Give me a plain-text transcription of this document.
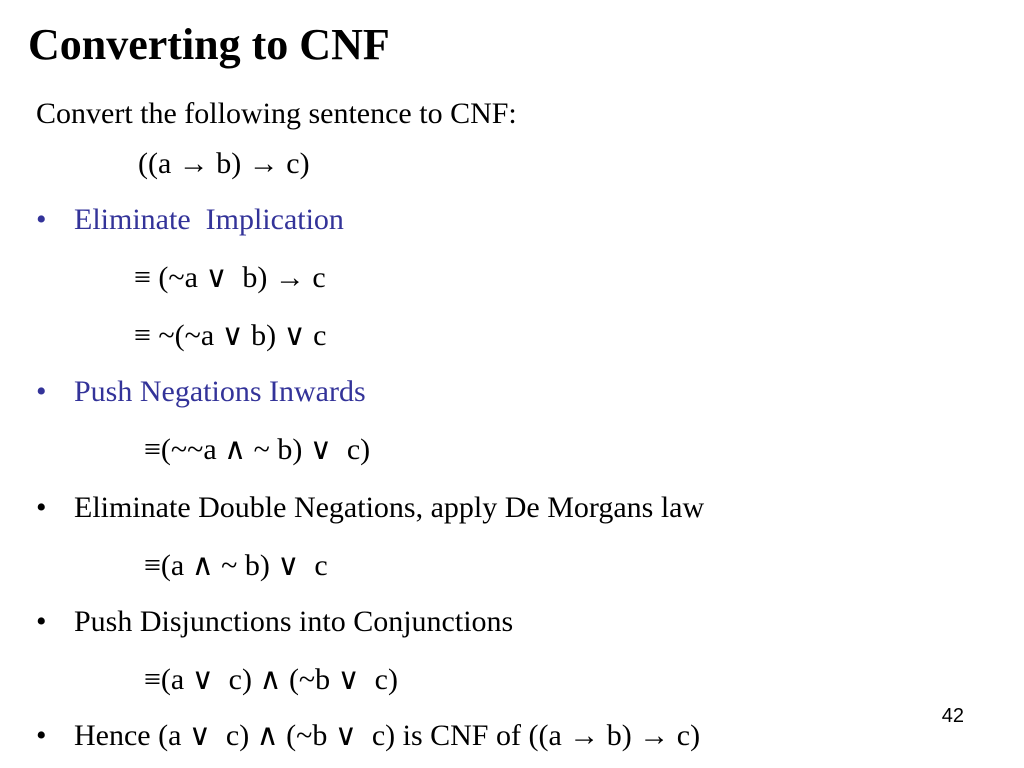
Converting to CNF
Convert the following sentence to CNF:
((a → b) → c)
• Eliminate  Implication
≡ (~a ∨  b) → c
≡ ~(~a ∨ b) ∨ c
• Push Negations Inwards
≡(~~a ∧ ~ b) ∨  c)
• Eliminate Double Negations, apply De Morgans law
≡(a ∧ ~ b) ∨  c
• Push Disjunctions into Conjunctions
≡(a ∨  c) ∧ (~b ∨  c)
• Hence (a ∨  c) ∧ (~b ∨  c) is CNF of ((a → b) → c)
42
